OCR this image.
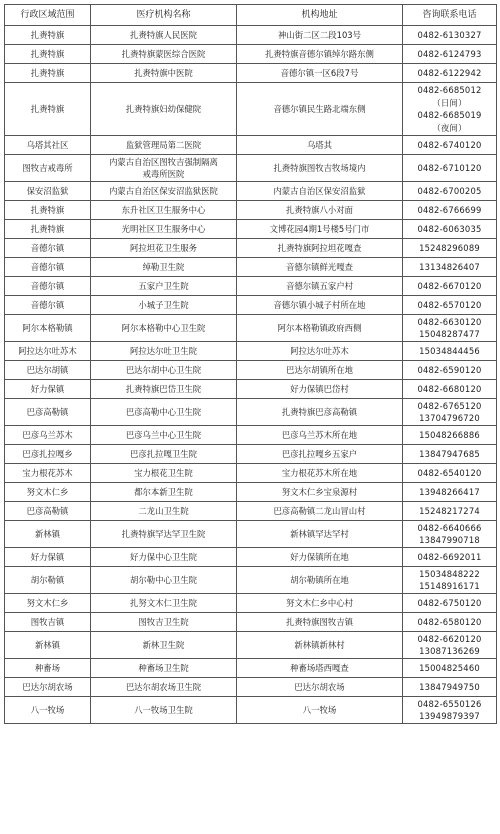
行政区域范围	医疗机构名称	机构地址	咨询联系电话
扎赉特旗	扎赉特旗人民医院	神山街二区二段103号	0482-6130327

扎赉特旗	扎赉特旗蒙医综合医院	扎赉特旗音德尔镇绰尔路东侧	0482-6124793

扎赉特旗	扎赉特旗中医院	音德尔镇一区6段7号	0482-6122942

扎赉特旗	扎赉特旗妇幼保健院	音德尔镇民生路北端东侧	0482-6685012
（日间）
0482-6685019
（夜间）

乌塔其社区	监狱管理局第二医院	乌塔其	0482-6740120

图牧吉戒毒所	内蒙古自治区图牧吉强制隔离
戒毒所医院	扎赉特旗图牧吉牧场境内	0482-6710120

保安沼监狱	内蒙古自治区保安沼监狱医院	内蒙古自治区保安沼监狱	0482-6700205

扎赉特旗	东升社区卫生服务中心	扎赉特旗八小对面	0482-6766699

扎赉特旗	光明社区卫生服务中心	文博花园4期1号楼5号门市	0482-6063035

音德尔镇	阿拉坦花卫生服务	扎赉特旗阿拉坦花嘎查	15248296089

音德尔镇	绰勒卫生院	音德尔镇鲜光嘎查	13134826407

音德尔镇	五家户卫生院	音德尔镇五家户村	0482-6670120

音德尔镇	小城子卫生院	音德尔镇小城子村所在地	0482-6570120

阿尔本格勒镇	阿尔本格勒中心卫生院	阿尔本格勒镇政府西侧	0482-6630120
15048287477

阿拉达尔吐苏木	阿拉达尔吐卫生院	阿拉达尔吐苏木	15034844456

巴达尔胡镇	巴达尔胡中心卫生院	巴达尔胡镇所在地	0482-6590120

好力保镇	扎赉特旗巴岱卫生院	好力保镇巴岱村	0482-6680120

巴彦高勒镇	巴彦高勒中心卫生院	扎赉特旗巴彦高勒镇	0482-6765120
13704796720

巴彦乌兰苏木	巴彦乌兰中心卫生院	巴彦乌兰苏木所在地	15048266886

巴彦扎拉嘎乡	巴彦扎拉嘎卫生院	巴彦扎拉嘎乡五家户	13847947685

宝力根花苏木	宝力根花卫生院	宝力根花苏木所在地	0482-6540120

努文木仁乡	都尔本新卫生院	努文木仁乡宝泉源村	13948266417

巴彦高勒镇	二龙山卫生院	巴彦高勒镇二龙山冒山村	15248217274

新林镇	扎赉特旗罕达罕卫生院	新林镇罕达罕村	0482-6640666
13847990718

好力保镇	好力保中心卫生院	好力保镇所在地	0482-6692011

胡尔勒镇	胡尔勒中心卫生院	胡尔勒镇所在地	15034848222
15148916171

努文木仁乡	扎努文木仁卫生院	努文木仁乡中心村	0482-6750120

图牧吉镇	图牧吉卫生院	扎赉特旗图牧吉镇	0482-6580120

新林镇	新林卫生院	新林镇新林村	0482-6620120
13087136269

种畜场	种畜场卫生院	种畜场塔西嘎查	15004825460

巴达尔胡农场	巴达尔胡农场卫生院	巴达尔胡农场	13847949750

八一牧场	八一牧场卫生院	八一牧场	0482-6550126
13949879397
